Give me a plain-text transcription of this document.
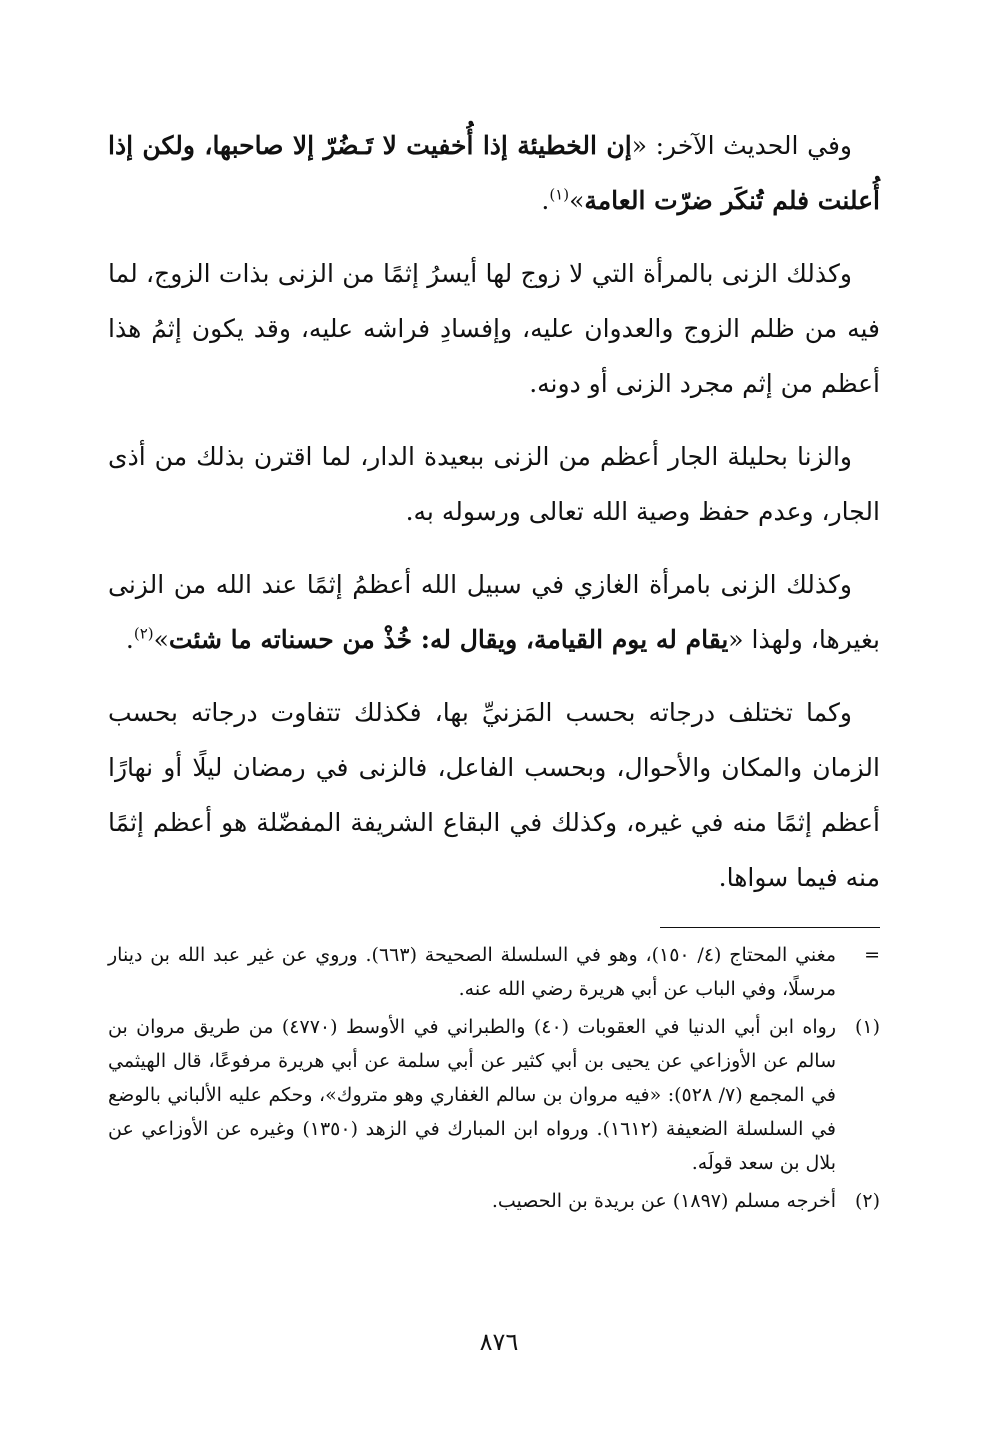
وفي الحديث الآخر: «إن الخطيئة إذا أُخفيت لا تَـضُرّ إلا صاحبها، ولكن إذا أُعلنت فلم تُنكَر ضرّت العامة»$^{(١)}$.

وكذلك الزنى بالمرأة التي لا زوج لها أيسرُ إثمًا من الزنى بذات الزوج، لما فيه من ظلم الزوج والعدوان عليه، وإفسادِ فراشه عليه، وقد يكون إثمُ هذا أعظم من إثم مجرد الزنى أو دونه.

والزنا بحليلة الجار أعظم من الزنى ببعيدة الدار، لما اقترن بذلك من أذى الجار، وعدم حفظ وصية الله تعالى ورسوله به.

وكذلك الزنى بامرأة الغازي في سبيل الله أعظمُ إثمًا عند الله من الزنى بغيرها، ولهذا «يقام له يوم القيامة، ويقال له: خُذْ من حسناته ما شئت»$^{(٢)}$.

وكما تختلف درجاته بحسب المَزنيِّ بها، فكذلك تتفاوت درجاته بحسب الزمان والمكان والأحوال، وبحسب الفاعل، فالزنى في رمضان ليلًا أو نهارًا أعظم إثمًا منه في غيره، وكذلك في البقاع الشريفة المفضّلة هو أعظم إثمًا منه فيما سواها.

=
مغني المحتاج (٤/ ١٥٠)، وهو في السلسلة الصحيحة (٦٦٣). وروي عن غير عبد الله بن دينار مرسلًا، وفي الباب عن أبي هريرة رضي الله عنه.
(١)
رواه ابن أبي الدنيا في العقوبات (٤٠) والطبراني في الأوسط (٤٧٧٠) من طريق مروان بن سالم عن الأوزاعي عن يحيى بن أبي كثير عن أبي سلمة عن أبي هريرة مرفوعًا، قال الهيثمي في المجمع (٧/ ٥٢٨): «فيه مروان بن سالم الغفاري وهو متروك»، وحكم عليه الألباني بالوضع في السلسلة الضعيفة (١٦١٢). ورواه ابن المبارك في الزهد (١٣٥٠) وغيره عن الأوزاعي عن بلال بن سعد قولَه.
(٢)
أخرجه مسلم (١٨٩٧) عن بريدة بن الحصيب.
٨٧٦
